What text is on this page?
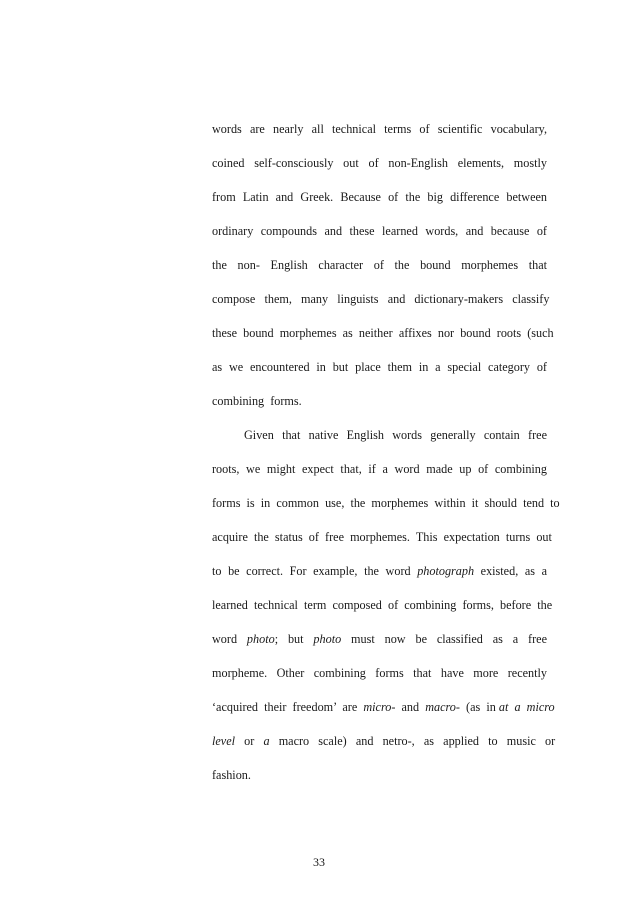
words  are  nearly  all  technical  terms  of  scientific  vocabulary,
coined   self-consciously   out   of   non-English   elements,   mostly
from  Latin  and  Greek.  Because  of  the  big  difference  between
ordinary  compounds  and  these  learned  words,  and  because  of
the   non-   English   character   of   the   bound   morphemes   that
compose   them,   many   linguists   and   dictionary-makers   classify
these  bound  morphemes  as  neither  affixes  nor  bound  roots  (such
as  we  encountered  in  but  place  them  in  a  special  category  of
combining  forms.
Given  that  native  English  words  generally  contain  free
roots,  we  might  expect  that,  if  a  word  made  up  of  combining
forms  is  in  common  use,  the  morphemes  within  it  should  tend  to
acquire  the  status  of  free  morphemes.  This  expectation  turns  out
to  be  correct.  For  example,  the  word  photograph  existed,  as  a
learned  technical  term  composed  of  combining  forms,  before  the
word   photo;   but   photo   must   now   be   classified   as   a   free
morpheme.  Other  combining  forms  that  have  more  recently
‘acquired  their  freedom’  are  micro-  and  macro-  (as  in at  a  micro
level   or   a   macro   scale)   and   netro-,   as   applied   to   music   or
fashion.
33
